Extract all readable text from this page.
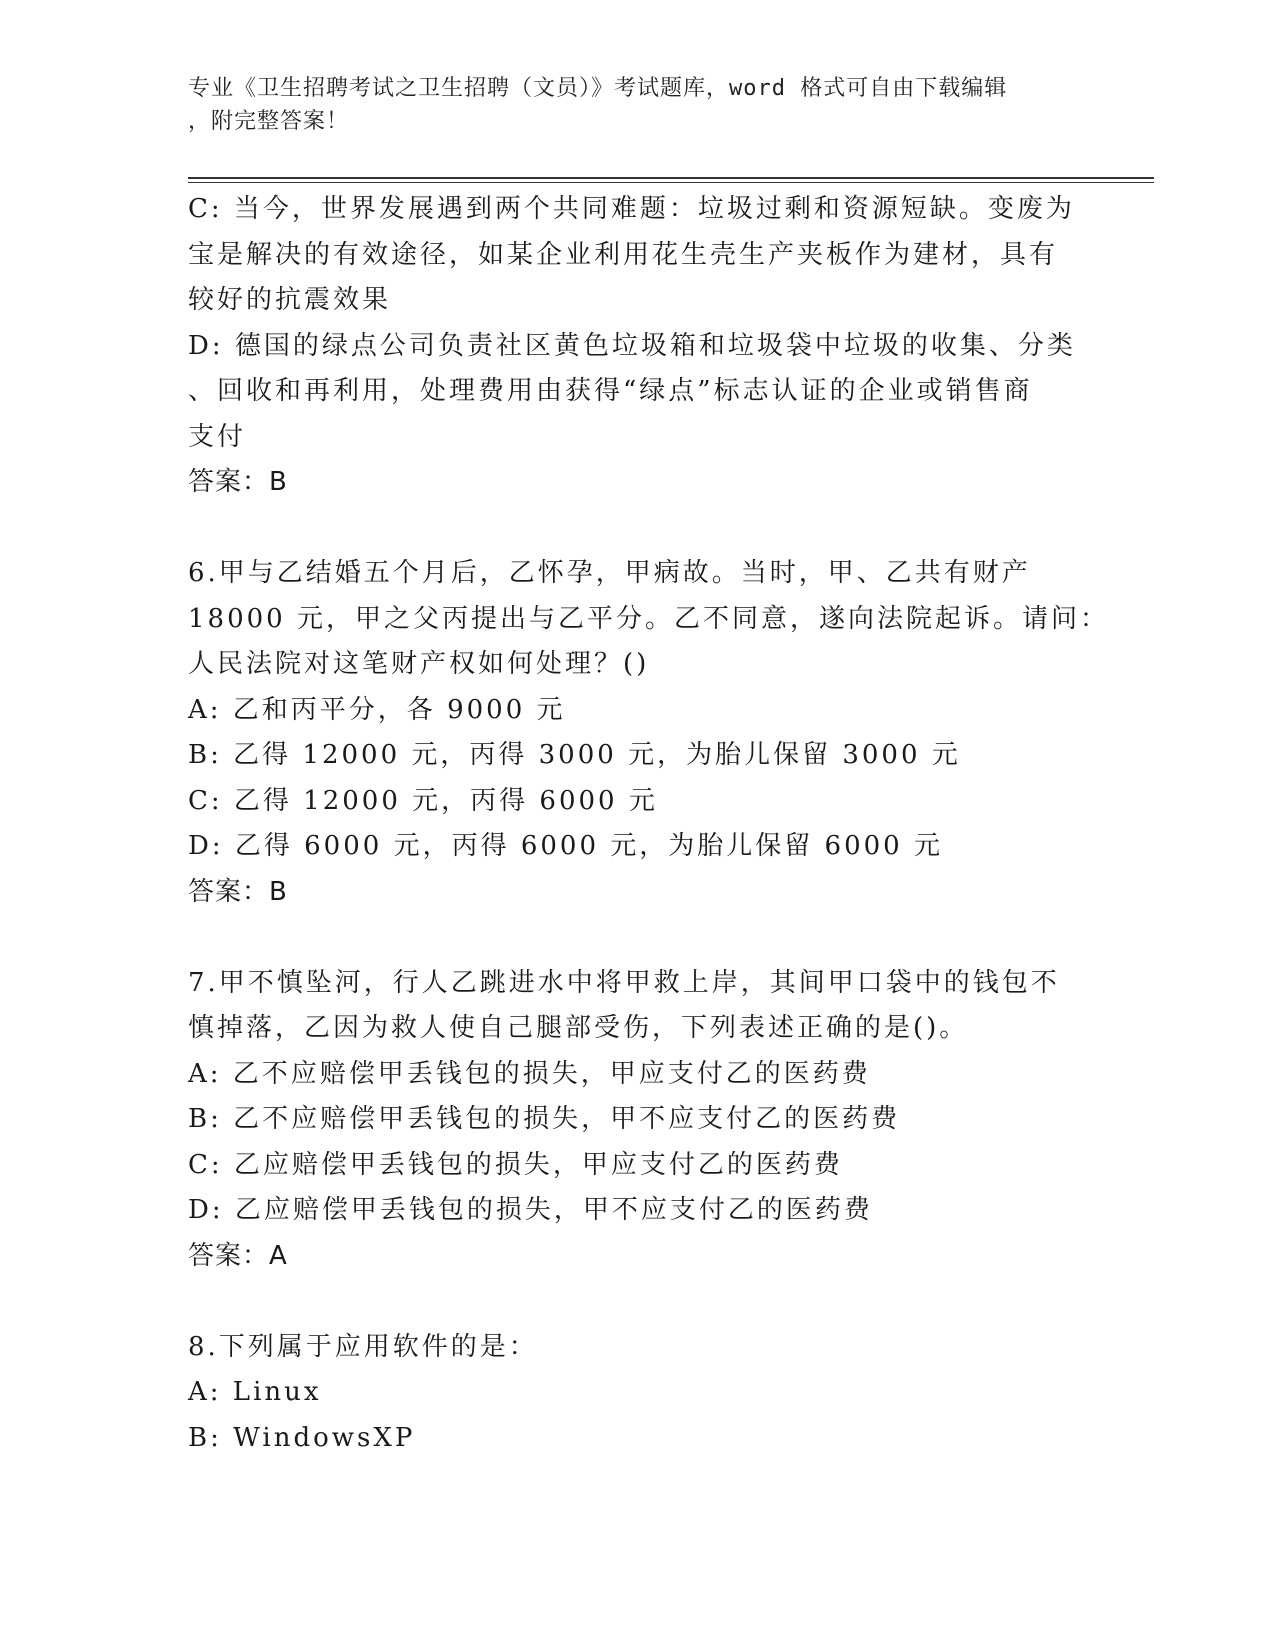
专业《卫生招聘考试之卫生招聘（文员）》考试题库，word 格式可自由下载编辑
，附完整答案！
C: 当今，世界发展遇到两个共同难题：垃圾过剩和资源短缺。变废为
宝是解决的有效途径，如某企业利用花生壳生产夹板作为建材，具有
较好的抗震效果
D: 德国的绿点公司负责社区黄色垃圾箱和垃圾袋中垃圾的收集、分类
、回收和再利用，处理费用由获得“绿点”标志认证的企业或销售商
支付
答案：B
6.甲与乙结婚五个月后，乙怀孕，甲病故。当时，甲、乙共有财产
18000 元，甲之父丙提出与乙平分。乙不同意，遂向法院起诉。请问：
人民法院对这笔财产权如何处理？()
A: 乙和丙平分，各 9000 元
B: 乙得 12000 元，丙得 3000 元，为胎儿保留 3000 元
C: 乙得 12000 元，丙得 6000 元
D: 乙得 6000 元，丙得 6000 元，为胎儿保留 6000 元
答案：B
7.甲不慎坠河，行人乙跳进水中将甲救上岸，其间甲口袋中的钱包不
慎掉落，乙因为救人使自己腿部受伤，下列表述正确的是()。
A: 乙不应赔偿甲丢钱包的损失，甲应支付乙的医药费
B: 乙不应赔偿甲丢钱包的损失，甲不应支付乙的医药费
C: 乙应赔偿甲丢钱包的损失，甲应支付乙的医药费
D: 乙应赔偿甲丢钱包的损失，甲不应支付乙的医药费
答案：A
8.下列属于应用软件的是：
A: Linux
B: WindowsXP
